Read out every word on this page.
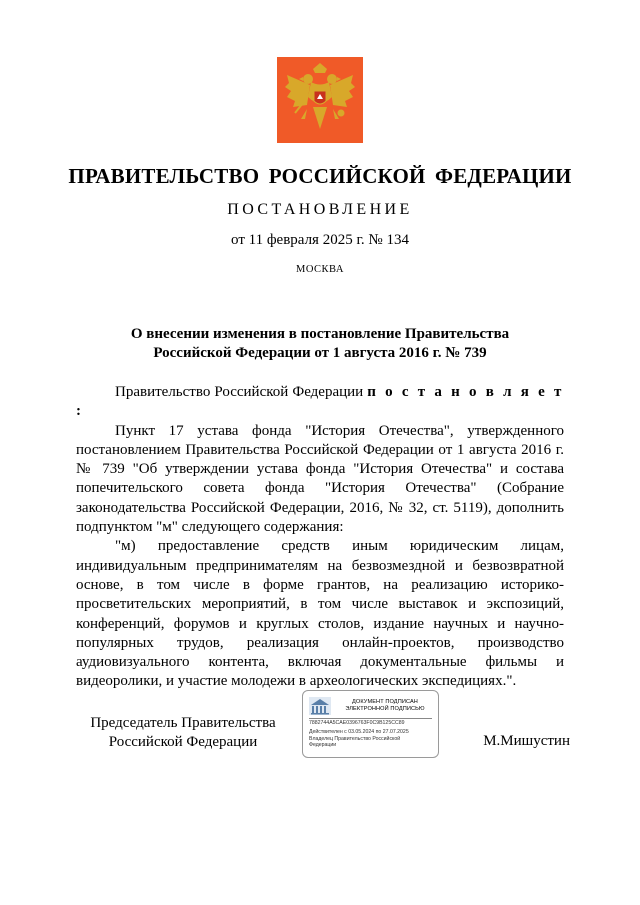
ПРАВИТЕЛЬСТВО РОССИЙСКОЙ ФЕДЕРАЦИИ
ПОСТАНОВЛЕНИЕ
от 11 февраля 2025 г. № 134
МОСКВА
О внесении изменения в постановление Правительства
Российской Федерации от 1 августа 2016 г. № 739

Правительство Российской Федерации п о с т а н о в л я е т :

Пункт 17 устава фонда "История Отечества", утвержденного постановлением Правительства Российской Федерации от 1 августа 2016 г. № 739 "Об утверждении устава фонда "История Отечества" и состава попечительского совета фонда "История Отечества" (Собрание законодательства Российской Федерации, 2016, № 32, ст. 5119), дополнить подпунктом "м" следующего содержания:

"м) предоставление средств иным юридическим лицам, индивидуальным предпринимателям на безвозмездной и безвозвратной основе, в том числе в форме грантов, на реализацию историко-просветительских мероприятий, в том числе выставок и экспозиций, конференций, форумов и круглых столов, издание научных и научно-популярных трудов, реализация онлайн-проектов, производство аудиовизуального контента, включая документальные фильмы и видеоролики, и участие молодежи в археологических экспедициях.".

Председатель Правительства
Российской Федерации
ДОКУМЕНТ ПОДПИСАН
ЭЛЕКТРОННОЙ ПОДПИСЬЮ
7882744A5CAE0396763F0C9B125CC89
Действителен с 03.05.2024 по 27.07.2025
Владелец Правительство Российской
Федерации	М.Мишустин
